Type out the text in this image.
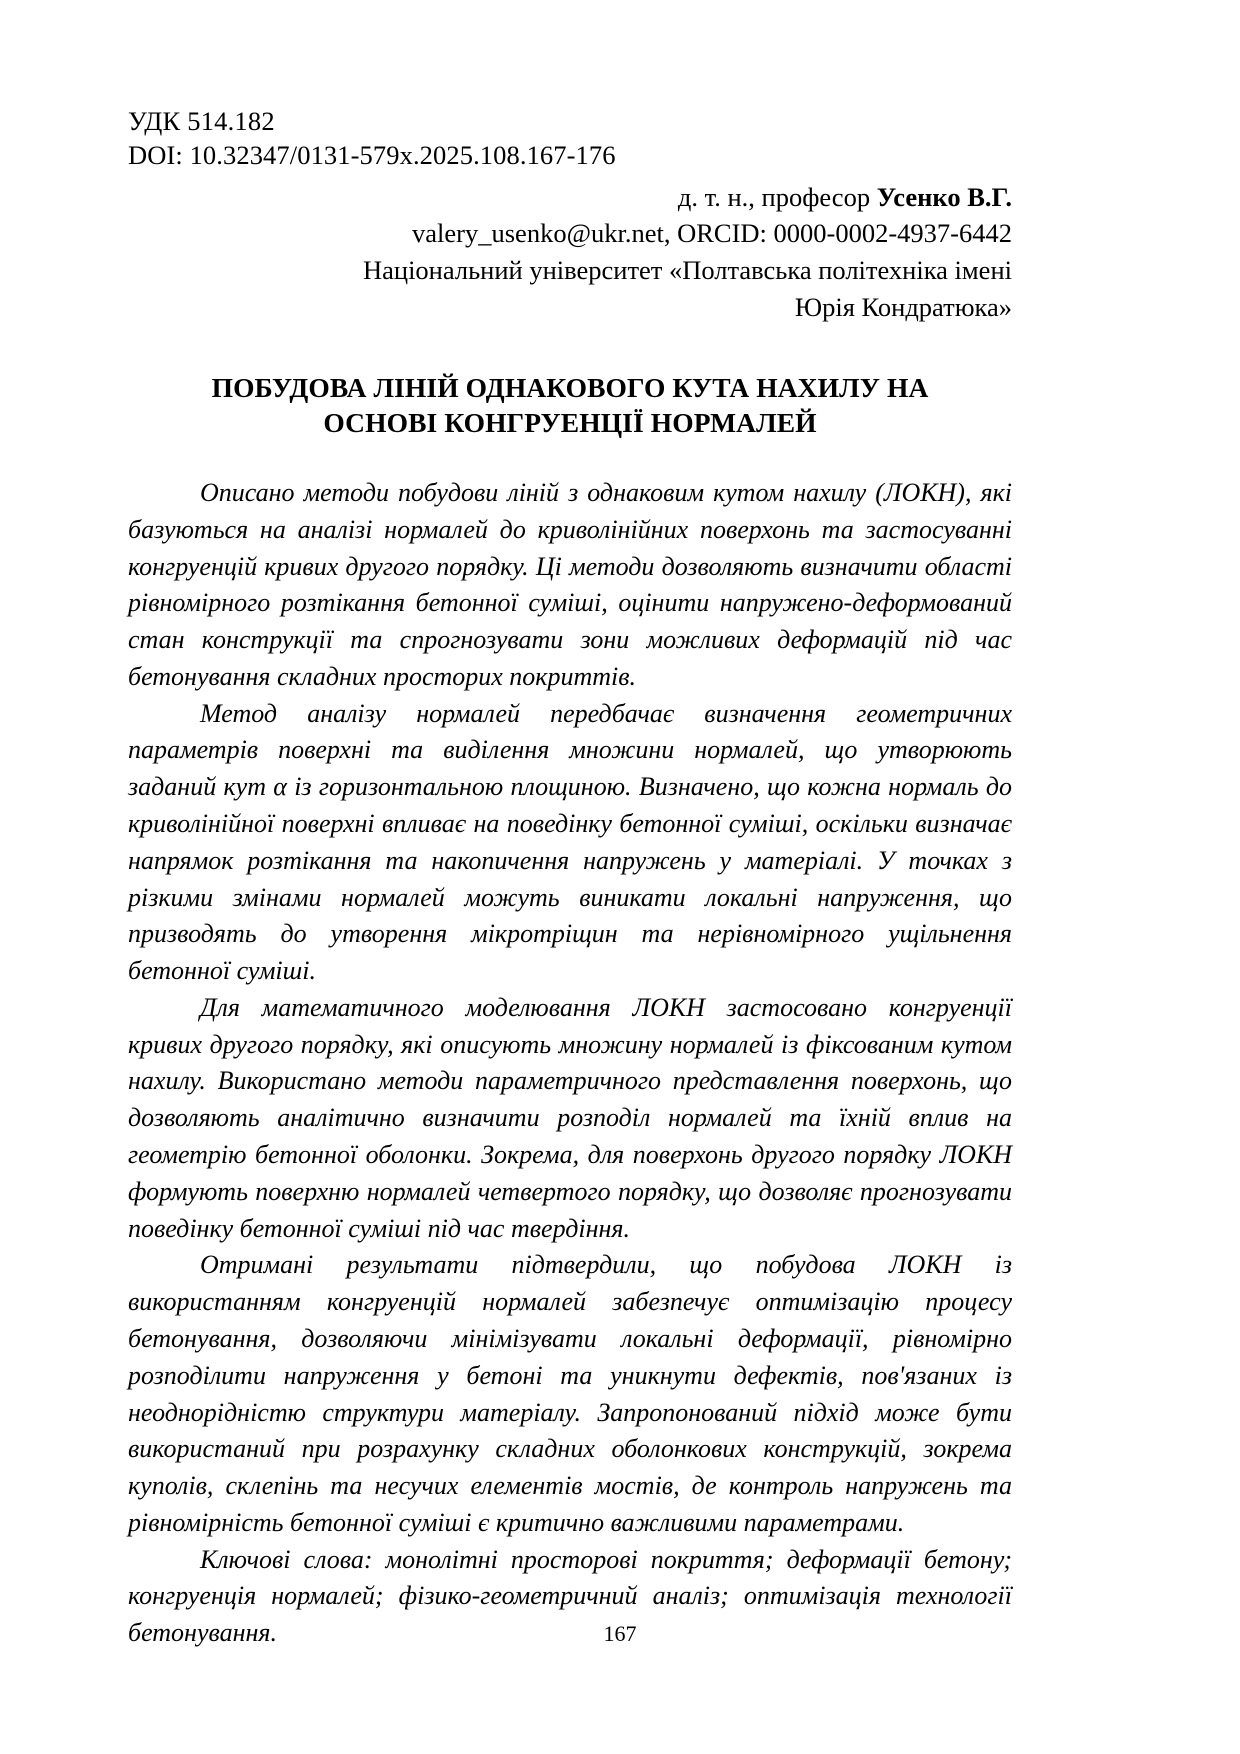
УДК 514.182
DOI: 10.32347/0131-579x.2025.108.167-176
д. т. н., професор Усенко В.Г.
valery_usenko@ukr.net, ORCID: 0000-0002-4937-6442
Національний університет «Полтавська політехніка імені
Юрія Кондратюка»
ПОБУДОВА ЛІНІЙ ОДНАКОВОГО КУТА НАХИЛУ НА
ОСНОВІ КОНГРУЕНЦІЇ НОРМАЛЕЙ

Описано методи побудови ліній з однаковим кутом нахилу (ЛОКН), які базуються на аналізі нормалей до криволінійних поверхонь та застосуванні конгруенцій кривих другого порядку. Ці методи дозволяють визначити області рівномірного розтікання бетонної суміші, оцінити напружено-деформований стан конструкції та спрогнозувати зони можливих деформацій під час бетонування складних просторих покриттів.

Метод аналізу нормалей передбачає визначення геометричних параметрів поверхні та виділення множини нормалей, що утворюють заданий кут α із горизонтальною площиною. Визначено, що кожна нормаль до криволінійної поверхні впливає на поведінку бетонної суміші, оскільки визначає напрямок розтікання та накопичення напружень у матеріалі. У точках з різкими змінами нормалей можуть виникати локальні напруження, що призводять до утворення мікротріщин та нерівномірного ущільнення бетонної суміші.

Для математичного моделювання ЛОКН застосовано конгруенції кривих другого порядку, які описують множину нормалей із фіксованим кутом нахилу. Використано методи параметричного представлення поверхонь, що дозволяють аналітично визначити розподіл нормалей та їхній вплив на геометрію бетонної оболонки. Зокрема, для поверхонь другого порядку ЛОКН формують поверхню нормалей четвертого порядку, що дозволяє прогнозувати поведінку бетонної суміші під час твердіння.

Отримані результати підтвердили, що побудова ЛОКН із використанням конгруенцій нормалей забезпечує оптимізацію процесу бетонування, дозволяючи мінімізувати локальні деформації, рівномірно розподілити напруження у бетоні та уникнути дефектів, пов'язаних із неоднорідністю структури матеріалу. Запропонований підхід може бути використаний при розрахунку складних оболонкових конструкцій, зокрема куполів, склепінь та несучих елементів мостів, де контроль напружень та рівномірність бетонної суміші є критично важливими параметрами.

Ключові слова: монолітні просторові покриття; деформації бетону; конгруенція нормалей; фізико-геометричний аналіз; оптимізація технології бетонування.	167
